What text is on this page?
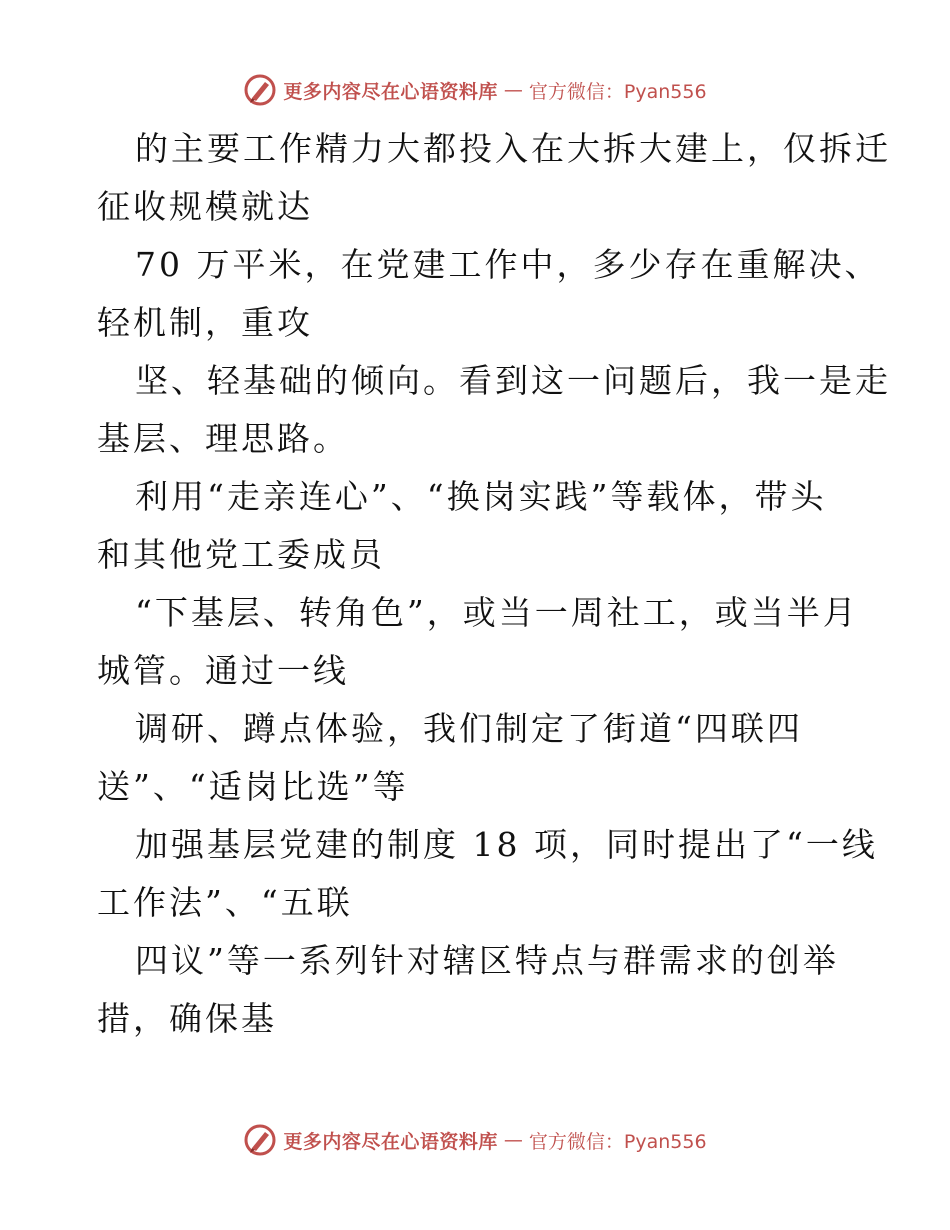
更多内容尽在心语资料库 — 官方微信：Pyan556
的主要工作精力大都投入在大拆大建上，仅拆迁
征收规模就达
70 万平米，在党建工作中，多少存在重解决、
轻机制，重攻
坚、轻基础的倾向。看到这一问题后，我一是走
基层、理思路。
利用“走亲连心”、“换岗实践”等载体，带头
和其他党工委成员
“下基层、转角色”，或当一周社工，或当半月
城管。通过一线
调研、蹲点体验，我们制定了街道“四联四
送”、“适岗比选”等
加强基层党建的制度 18 项，同时提出了“一线
工作法”、“五联
四议”等一系列针对辖区特点与群需求的创举
措，确保基
更多内容尽在心语资料库 — 官方微信：Pyan556
